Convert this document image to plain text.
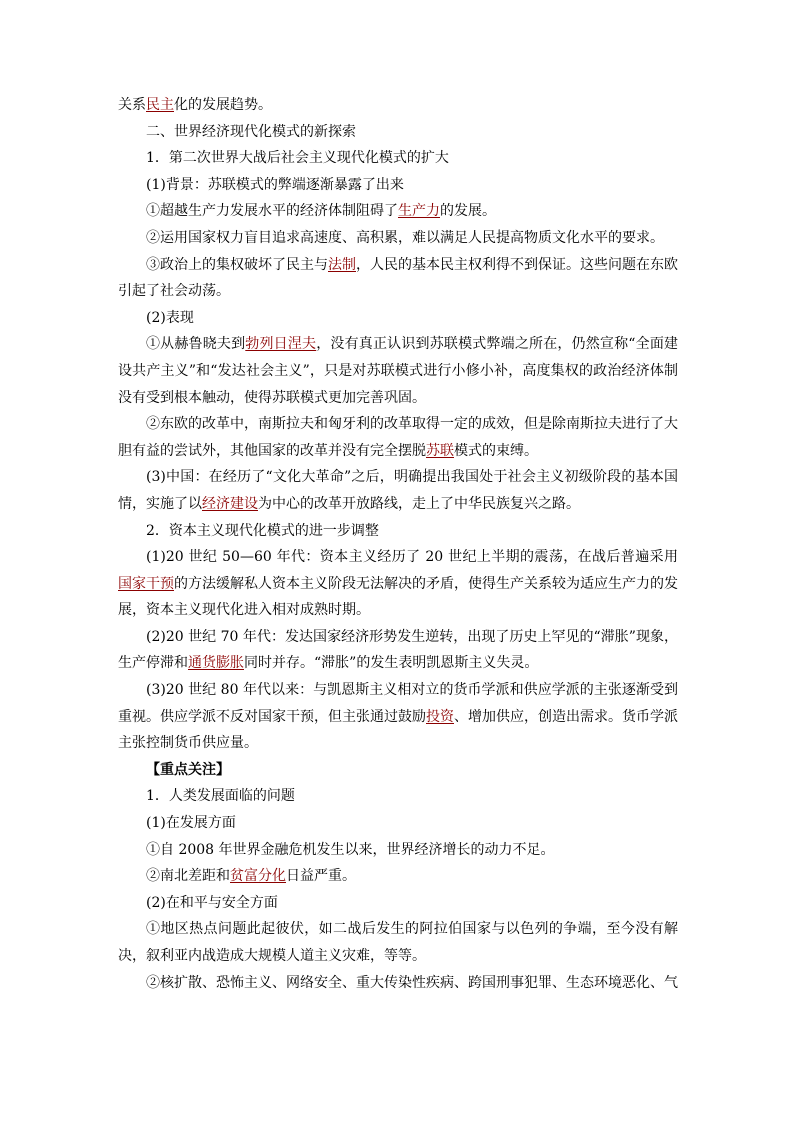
关系民主化的发展趋势。

二、世界经济现代化模式的新探索

1．第二次世界大战后社会主义现代化模式的扩大

(1)背景：苏联模式的弊端逐渐暴露了出来

①超越生产力发展水平的经济体制阻碍了生产力的发展。

②运用国家权力盲目追求高速度、高积累，难以满足人民提高物质文化水平的要求。

③政治上的集权破坏了民主与法制，人民的基本民主权利得不到保证。这些问题在东欧引起了社会动荡。

(2)表现

①从赫鲁晓夫到勃列日涅夫，没有真正认识到苏联模式弊端之所在，仍然宣称“全面建设共产主义”和“发达社会主义”，只是对苏联模式进行小修小补，高度集权的政治经济体制没有受到根本触动，使得苏联模式更加完善巩固。

②东欧的改革中，南斯拉夫和匈牙利的改革取得一定的成效，但是除南斯拉夫进行了大胆有益的尝试外，其他国家的改革并没有完全摆脱苏联模式的束缚。

(3)中国：在经历了“文化大革命”之后，明确提出我国处于社会主义初级阶段的基本国情，实施了以经济建设为中心的改革开放路线，走上了中华民族复兴之路。

2．资本主义现代化模式的进一步调整

(1)20 世纪 50—60 年代：资本主义经历了 20 世纪上半期的震荡，在战后普遍采用国家干预的方法缓解私人资本主义阶段无法解决的矛盾，使得生产关系较为适应生产力的发展，资本主义现代化进入相对成熟时期。

(2)20 世纪 70 年代：发达国家经济形势发生逆转，出现了历史上罕见的“滞胀”现象，生产停滞和通货膨胀同时并存。“滞胀”的发生表明凯恩斯主义失灵。

(3)20 世纪 80 年代以来：与凯恩斯主义相对立的货币学派和供应学派的主张逐渐受到重视。供应学派不反对国家干预，但主张通过鼓励投资、增加供应，创造出需求。货币学派主张控制货币供应量。

【重点关注】

1．人类发展面临的问题

(1)在发展方面

①自 2008 年世界金融危机发生以来，世界经济增长的动力不足。

②南北差距和贫富分化日益严重。

(2)在和平与安全方面

①地区热点问题此起彼伏，如二战后发生的阿拉伯国家与以色列的争端，至今没有解决，叙利亚内战造成大规模人道主义灾难，等等。

②核扩散、恐怖主义、网络安全、重大传染性疾病、跨国刑事犯罪、生态环境恶化、气
